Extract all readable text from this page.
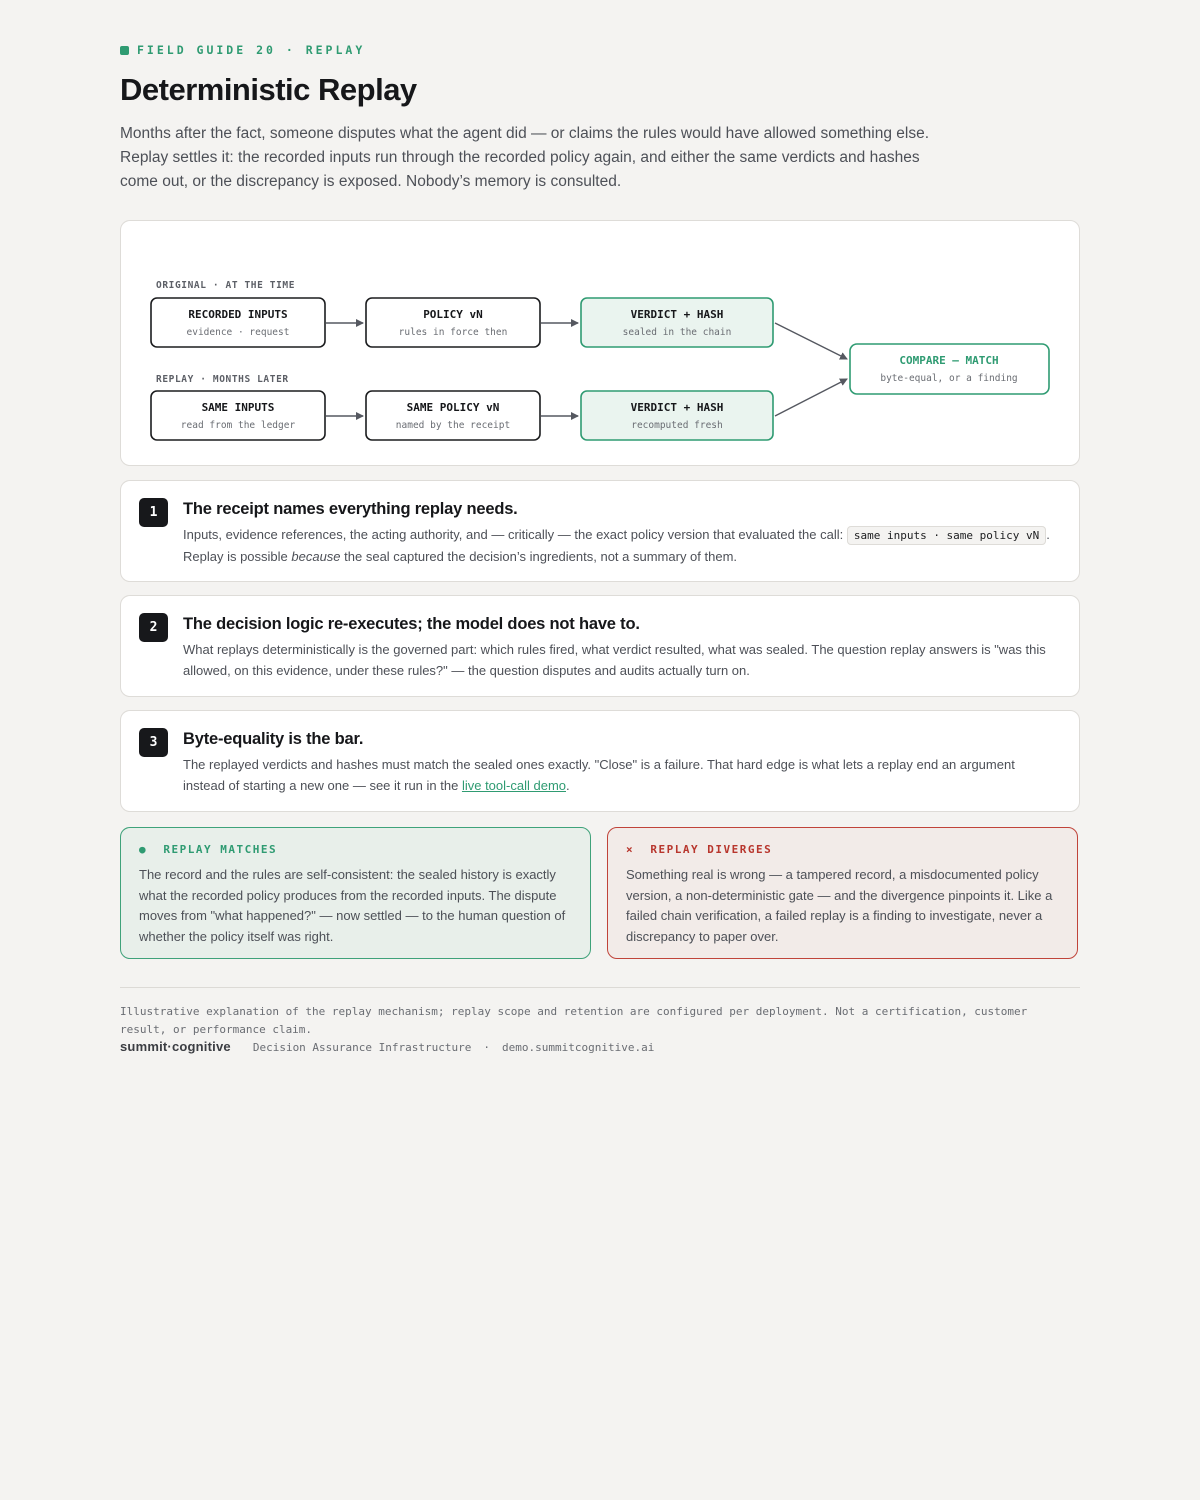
FIELD GUIDE 20 · REPLAY
Deterministic Replay

Months after the fact, someone disputes what the agent did — or claims the rules would have allowed something else. Replay settles it: the recorded inputs run through the recorded policy again, and either the same verdicts and hashes come out, or the discrepancy is exposed. Nobody’s memory is consulted.

ORIGINAL · AT THE TIME
REPLAY · MONTHS LATER
RECORDED INPUTS
evidence · request
POLICY vN
rules in force then
VERDICT + HASH
sealed in the chain
SAME INPUTS
read from the ledger
SAME POLICY vN
named by the receipt
VERDICT + HASH
recomputed fresh
COMPARE — MATCH
byte-equal, or a finding
1	The receipt names everything replay needs.

Inputs, evidence references, the acting authority, and — critically — the exact policy version that evaluated the call: same inputs · same policy vN . Replay is possible because the seal captured the decision’s ingredients, not a summary of them.

2	The decision logic re-executes; the model does not have to.

What replays deterministically is the governed part: which rules fired, what verdict resulted, what was sealed. The question replay answers is "was this allowed, on this evidence, under these rules?" — the question disputes and audits actually turn on.

3	Byte-equality is the bar.

The replayed verdicts and hashes must match the sealed ones exactly. "Close" is a failure. That hard edge is what lets a replay end an argument instead of starting a new one — see it run in the live tool-call demo.

● REPLAY MATCHES

The record and the rules are self-consistent: the sealed history is exactly what the recorded policy produces from the recorded inputs. The dispute moves from "what happened?" — now settled — to the human question of whether the policy itself was right.

× REPLAY DIVERGES

Something real is wrong — a tampered record, a misdocumented policy version, a non-deterministic gate — and the divergence pinpoints it. Like a failed chain verification, a failed replay is a finding to investigate, never a discrepancy to paper over.

Illustrative explanation of the replay mechanism; replay scope and retention are configured per deployment. Not a certification, customer result, or performance claim.

summit·cognitive Decision Assurance Infrastructure · demo.summitcognitive.ai
